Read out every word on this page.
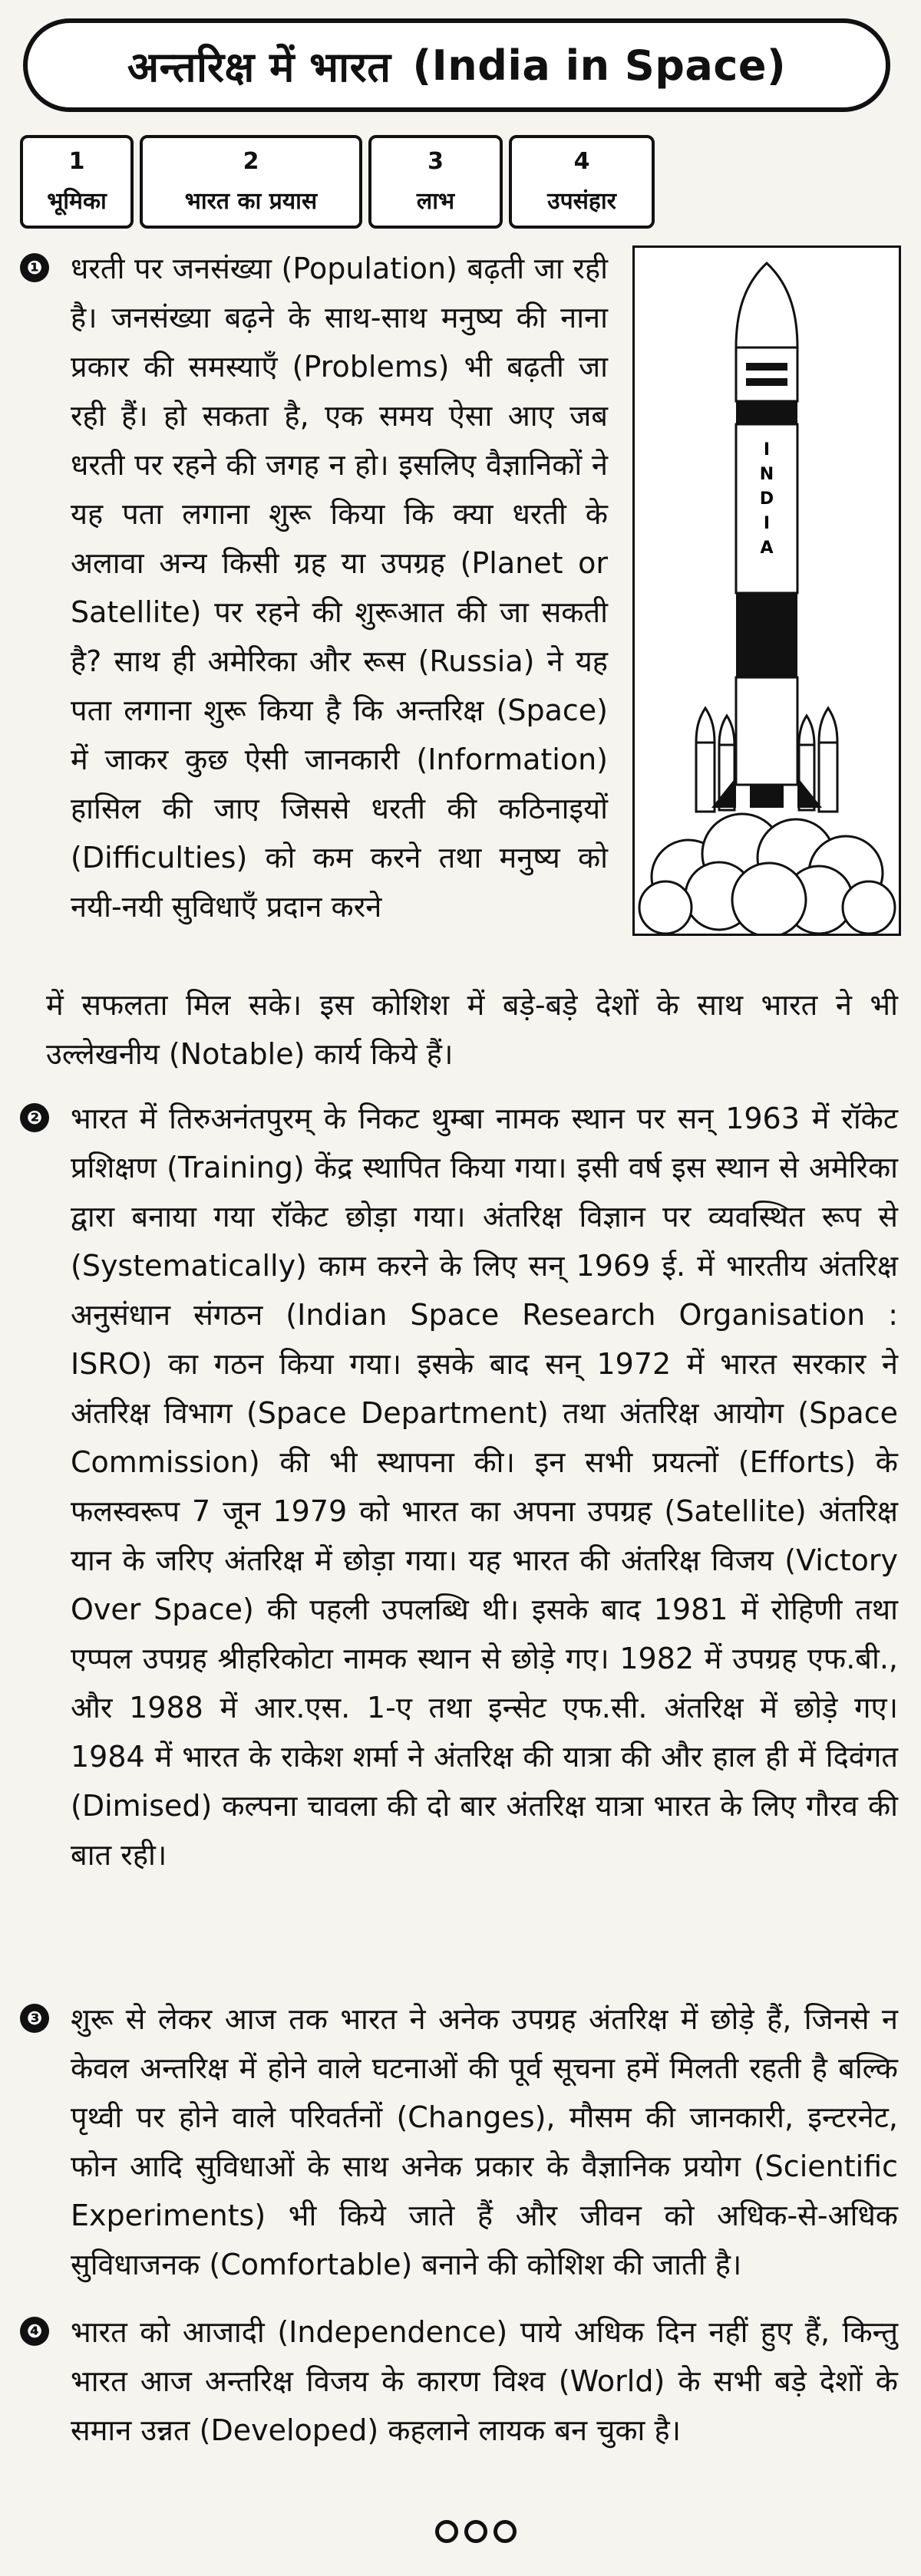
अन्तरिक्ष में भारत (India in Space)
1
भूमिका
2
भारत का प्रयास
3
लाभ
4
उपसंहार
❶ धरती पर जनसंख्या (Population) बढ़ती जा रही है। जनसंख्या बढ़ने के साथ-साथ मनुष्य की नाना प्रकार की समस्याएँ (Problems) भी बढ़ती जा रही हैं। हो सकता है, एक समय ऐसा आए जब धरती पर रहने की जगह न हो। इसलिए वैज्ञानिकों ने यह पता लगाना शुरू किया कि क्या धरती के अलावा अन्य किसी ग्रह या उपग्रह (Planet or Satellite) पर रहने की शुरूआत की जा सकती है? साथ ही अमेरिका और रूस (Russia) ने यह पता लगाना शुरू किया है कि अन्तरिक्ष (Space) में जाकर कुछ ऐसी जानकारी (Information) हासिल की जाए जिससे धरती की कठिनाइयों (Difficulties) को कम करने तथा मनुष्य को नयी-नयी सुविधाएँ प्रदान करने

I N D I A

में सफलता मिल सके। इस कोशिश में बड़े-बड़े देशों के साथ भारत ने भी उल्लेखनीय (Notable) कार्य किये हैं।

❷ भारत में तिरुअनंतपुरम् के निकट थुम्बा नामक स्थान पर सन् 1963 में रॉकेट प्रशिक्षण (Training) केंद्र स्थापित किया गया। इसी वर्ष इस स्थान से अमेरिका द्वारा बनाया गया रॉकेट छोड़ा गया। अंतरिक्ष विज्ञान पर व्यवस्थित रूप से (Systematically) काम करने के लिए सन् 1969 ई. में भारतीय अंतरिक्ष अनुसंधान संगठन (Indian Space Research Organisation : ISRO) का गठन किया गया। इसके बाद सन् 1972 में भारत सरकार ने अंतरिक्ष विभाग (Space Department) तथा अंतरिक्ष आयोग (Space Commission) की भी स्थापना की। इन सभी प्रयत्नों (Efforts) के फलस्वरूप 7 जून 1979 को भारत का अपना उपग्रह (Satellite) अंतरिक्ष यान के जरिए अंतरिक्ष में छोड़ा गया। यह भारत की अंतरिक्ष विजय (Victory Over Space) की पहली उपलब्धि थी। इसके बाद 1981 में रोहिणी तथा एप्पल उपग्रह श्रीहरिकोटा नामक स्थान से छोड़े गए। 1982 में उपग्रह एफ.बी., और 1988 में आर.एस. 1-ए तथा इन्सेट एफ.सी. अंतरिक्ष में छोड़े गए। 1984 में भारत के राकेश शर्मा ने अंतरिक्ष की यात्रा की और हाल ही में दिवंगत (Dimised) कल्पना चावला की दो बार अंतरिक्ष यात्रा भारत के लिए गौरव की बात रही।

❸ शुरू से लेकर आज तक भारत ने अनेक उपग्रह अंतरिक्ष में छोड़े हैं, जिनसे न केवल अन्तरिक्ष में होने वाले घटनाओं की पूर्व सूचना हमें मिलती रहती है बल्कि पृथ्वी पर होने वाले परिवर्तनों (Changes), मौसम की जानकारी, इन्टरनेट, फोन आदि सुविधाओं के साथ अनेक प्रकार के वैज्ञानिक प्रयोग (Scientific Experiments) भी किये जाते हैं और जीवन को अधिक-से-अधिक सुविधाजनक (Comfortable) बनाने की कोशिश की जाती है।

❹ भारत को आजादी (Independence) पाये अधिक दिन नहीं हुए हैं, किन्तु भारत आज अन्तरिक्ष विजय के कारण विश्व (World) के सभी बड़े देशों के समान उन्नत (Developed) कहलाने लायक बन चुका है।
